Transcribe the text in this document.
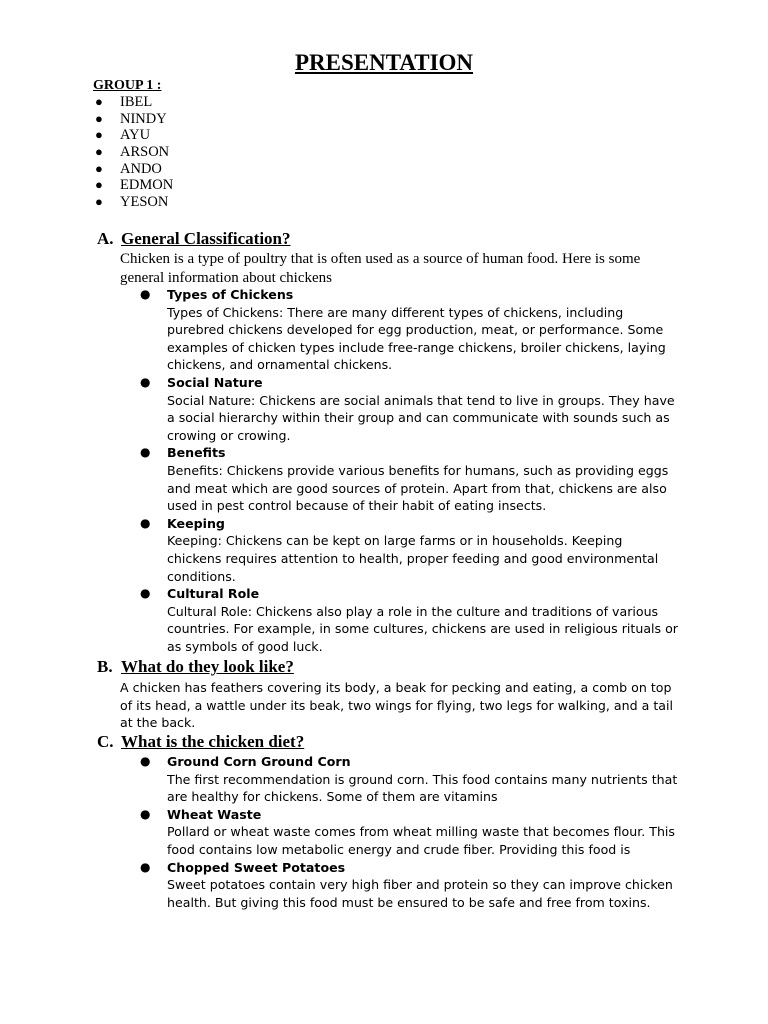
PRESENTATION
GROUP 1 :
● IBEL
● NINDY
● AYU
● ARSON
● ANDO
● EDMON
● YESON
A. General Classification?
Chicken is a type of poultry that is often used as a source of human food. Here is some general information about chickens
● Types of Chickens
Types of Chickens: There are many different types of chickens, including purebred chickens developed for egg production, meat, or performance. Some examples of chicken types include free-range chickens, broiler chickens, laying chickens, and ornamental chickens.
● Social Nature
Social Nature: Chickens are social animals that tend to live in groups. They have a social hierarchy within their group and can communicate with sounds such as crowing or crowing.
● Benefits
Benefits: Chickens provide various benefits for humans, such as providing eggs and meat which are good sources of protein. Apart from that, chickens are also used in pest control because of their habit of eating insects.
● Keeping
Keeping: Chickens can be kept on large farms or in households. Keeping chickens requires attention to health, proper feeding and good environmental conditions.
● Cultural Role
Cultural Role: Chickens also play a role in the culture and traditions of various countries. For example, in some cultures, chickens are used in religious rituals or as symbols of good luck.
B. What do they look like?
A chicken has feathers covering its body, a beak for pecking and eating, a comb on top of its head, a wattle under its beak, two wings for flying, two legs for walking, and a tail at the back.
C. What is the chicken diet?
● Ground Corn Ground Corn
The first recommendation is ground corn. This food contains many nutrients that are healthy for chickens. Some of them are vitamins
● Wheat Waste
Pollard or wheat waste comes from wheat milling waste that becomes flour. This food contains low metabolic energy and crude fiber. Providing this food is
● Chopped Sweet Potatoes
Sweet potatoes contain very high fiber and protein so they can improve chicken health. But giving this food must be ensured to be safe and free from toxins.
